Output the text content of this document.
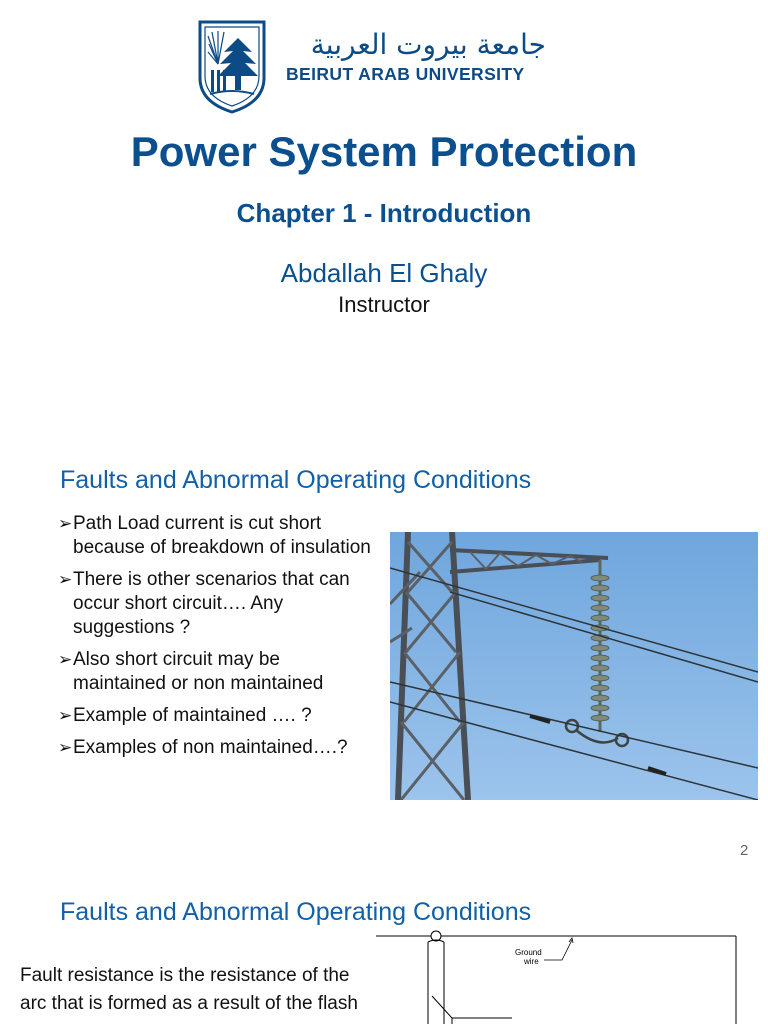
جامعة بيروت العربية
BEIRUT ARAB UNIVERSITY
Power System Protection
Chapter 1 - Introduction
Abdallah El Ghaly
Instructor
Faults and Abnormal Operating Conditions
➢ Path Load current is cut short because of breakdown of insulation
➢ There is other scenarios that can occur short circuit…. Any suggestions ?
➢ Also short circuit may be maintained or non maintained
➢ Example of maintained …. ?
➢ Examples of non maintained….?
2
Faults and Abnormal Operating Conditions
Fault resistance is the resistance of the arc that is formed as a result of the flash
Ground
wire
